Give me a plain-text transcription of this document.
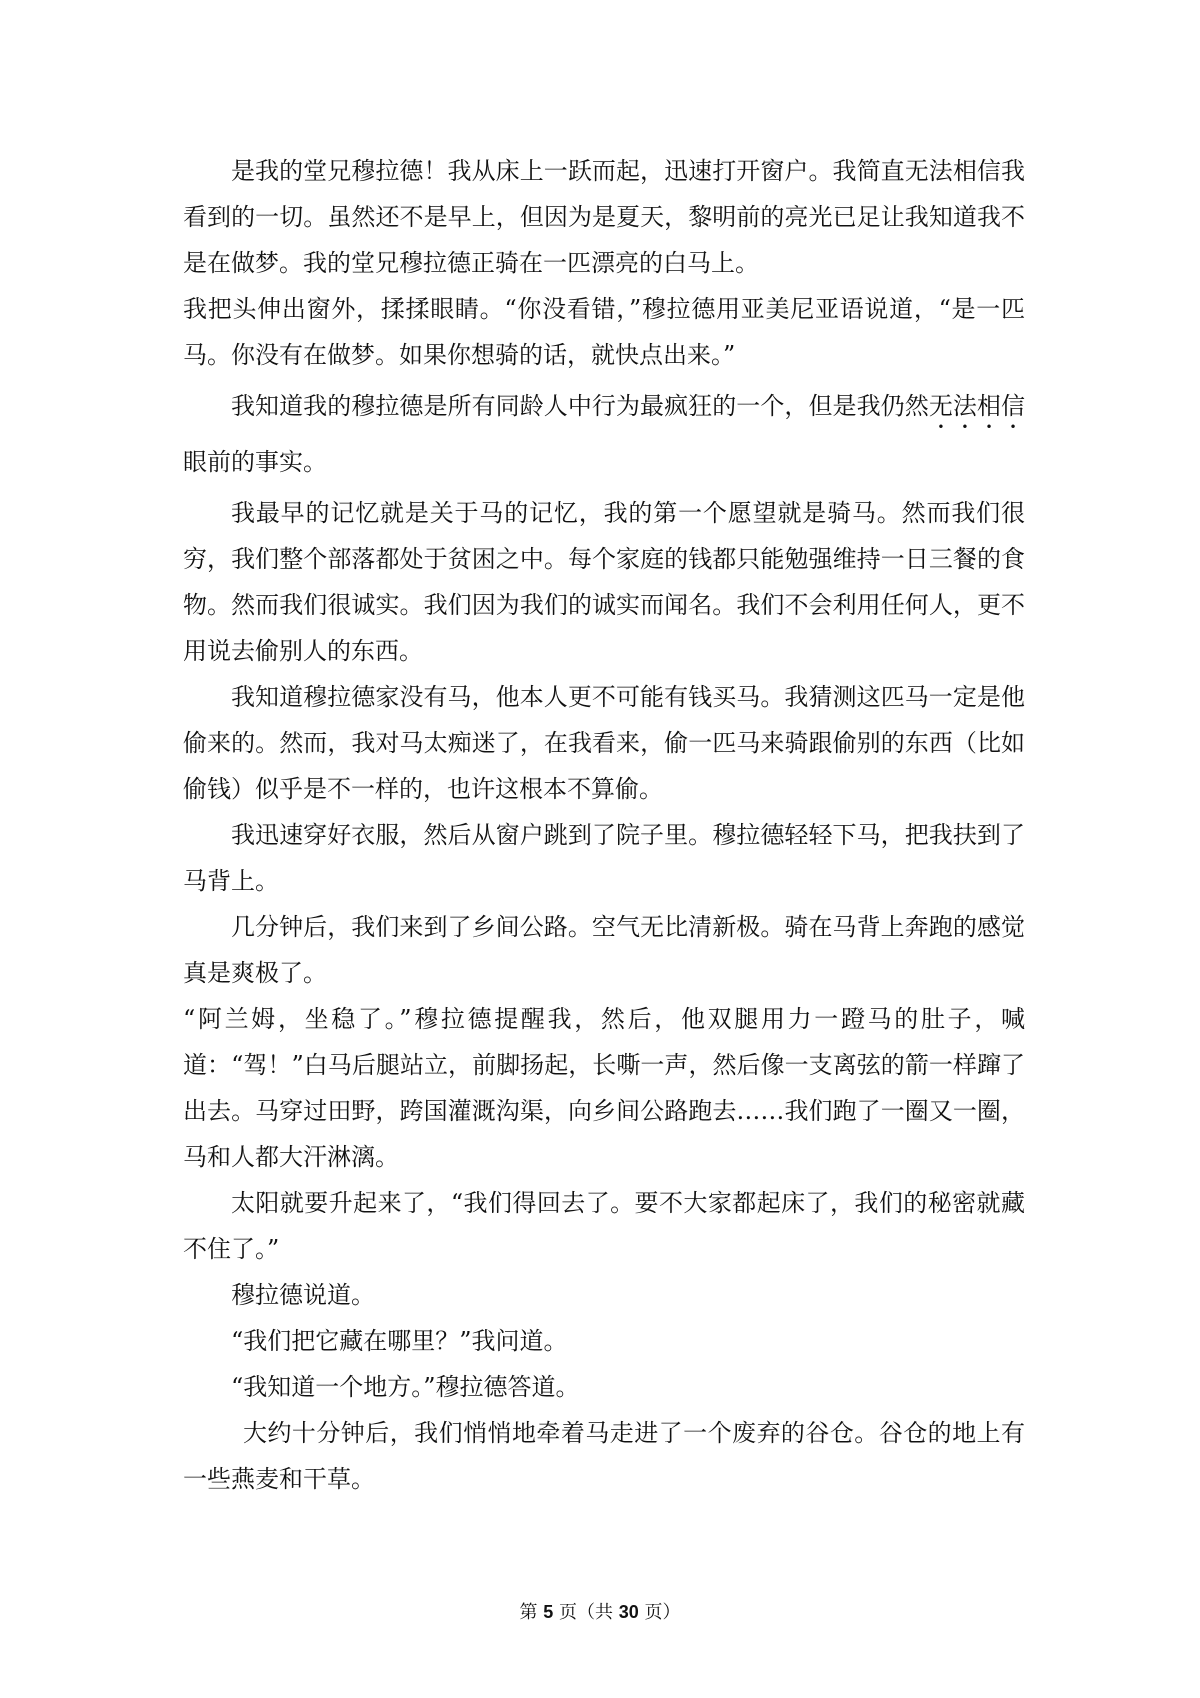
是我的堂兄穆拉德！我从床上一跃而起，迅速打开窗户。我简直无法相信我看到的一切。虽然还不是早上，但因为是夏天，黎明前的亮光已足让我知道我不是在做梦。我的堂兄穆拉德正骑在一匹漂亮的白马上。

我把头伸出窗外，揉揉眼睛。“你没看错，”穆拉德用亚美尼亚语说道，“是一匹马。你没有在做梦。如果你想骑的话，就快点出来。”

我知道我的穆拉德是所有同龄人中行为最疯狂的一个，但是我仍然无法相信眼前的事实。

我最早的记忆就是关于马的记忆，我的第一个愿望就是骑马。然而我们很穷，我们整个部落都处于贫困之中。每个家庭的钱都只能勉强维持一日三餐的食物。然而我们很诚实。我们因为我们的诚实而闻名。我们不会利用任何人，更不用说去偷别人的东西。

我知道穆拉德家没有马，他本人更不可能有钱买马。我猜测这匹马一定是他偷来的。然而，我对马太痴迷了，在我看来，偷一匹马来骑跟偷别的东西（比如偷钱）似乎是不一样的，也许这根本不算偷。

我迅速穿好衣服，然后从窗户跳到了院子里。穆拉德轻轻下马，把我扶到了马背上。

几分钟后，我们来到了乡间公路。空气无比清新极。骑在马背上奔跑的感觉真是爽极了。

“阿兰姆，坐稳了。”穆拉德提醒我，然后，他双腿用力一蹬马的肚子，喊道：“驾！”白马后腿站立，前脚扬起，长嘶一声，然后像一支离弦的箭一样蹿了出去。马穿过田野，跨国灌溉沟渠，向乡间公路跑去……我们跑了一圈又一圈，马和人都大汗淋漓。

太阳就要升起来了，“我们得回去了。要不大家都起床了，我们的秘密就藏不住了。”

穆拉德说道。

“我们把它藏在哪里？”我问道。

“我知道一个地方。”穆拉德答道。

大约十分钟后，我们悄悄地牵着马走进了一个废弃的谷仓。谷仓的地上有一些燕麦和干草。

第 5 页（共 30 页）
